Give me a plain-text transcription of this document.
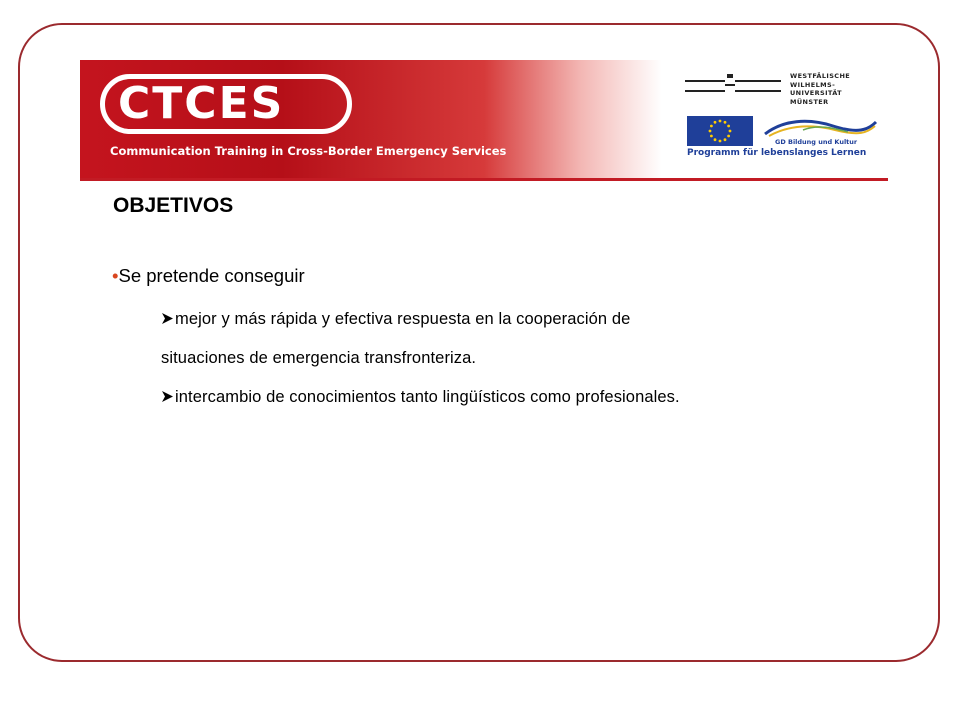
CTCES
Communication Training in Cross-Border Emergency Services
WESTFÄLISCHE
WILHELMS-UNIVERSITÄT
MÜNSTER
GD Bildung und Kultur
Programm für lebenslanges Lernen
OBJETIVOS

•Se pretende conseguir

mejor y más rápida y efectiva respuesta en la cooperación de

situaciones de emergencia transfronteriza.

intercambio de conocimientos tanto lingüísticos como profesionales.
